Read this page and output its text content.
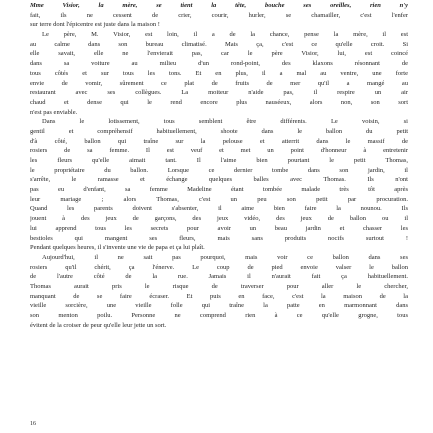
Mme Visior, la mère, se tient la tête, bouche ses oreilles, rien n'y
fait, ils ne cessent de crier, courir, hurler, se chamailler, c'est l'enfer
sur terre dont l'épicentre est juste dans la maison !
Le père, M. Visior, est loin, il a de la chance, pense la mère, il est
au calme dans son bureau climatisé. Mais ça, c'est ce qu'elle croit. Si
elle savait, elle ne l'envierait pas, car le père Visior, lui, est coincé
dans sa voiture au milieu d'un rond-point, des klaxons résonnant de
tous côtés et sur tous les tons. Et en plus, il a mal au ventre, une forte
envie de vomir, sûrement ce plat de fruits de mer qu'il a mangé au
restaurant avec ses collègues. La moiteur n'aide pas, il respire un air
chaud et dense qui le rend encore plus nauséeux, alors non, son sort
n'est pas enviable.
Dans le lotissement, tous semblent être différents. Le voisin, si
gentil et compréhensif habituellement, shoote dans le ballon du petit
d'à côté, ballon qui traîne sur la pelouse et atterrit dans le massif de
rosiers de sa femme. Il est veuf et met un point d'honneur à entretenir
les fleurs qu'elle aimait tant. Il l'aime bien pourtant le petit Thomas,
le propriétaire du ballon. Lorsque ce dernier tombe dans son jardin, il
s'arrête, le ramasse et échange quelques balles avec Thomas. Ils n'ont
pas eu d'enfant, sa femme Madeline étant tombée malade très tôt après
leur mariage ; alors Thomas, c'est un peu son petit par procuration.
Quand les parents doivent s'absenter, il aime bien faire la nounou. Ils
jouent à des jeux de garçons, des jeux vidéo, des jeux de ballon ou il
lui apprend tous les secrets pour avoir un beau jardin et chasser les
bestioles qui mangent ses fleurs, mais sans produits nocifs surtout !
Pendant quelques heures, il s'invente une vie de papa et ça lui plaît.
Aujourd'hui, il ne sait pas pourquoi, mais voir ce ballon dans ses
rosiers qu'il chérit, ça l'énerve. Le coup de pied envoie valser le ballon
de l'autre côté de la rue. Jamais il n'aurait fait ça habituellement.
Thomas aurait pris le risque de traverser pour aller le chercher,
manquant de se faire écraser. Et puis en face, c'est la maison de la
vieille sorcière, une vieille folle qui traîne la patte en marmonnant dans
son menton poilu. Personne ne comprend rien à ce qu'elle grogne, tous
évitent de la croiser de peur qu'elle leur jette un sort.
16
